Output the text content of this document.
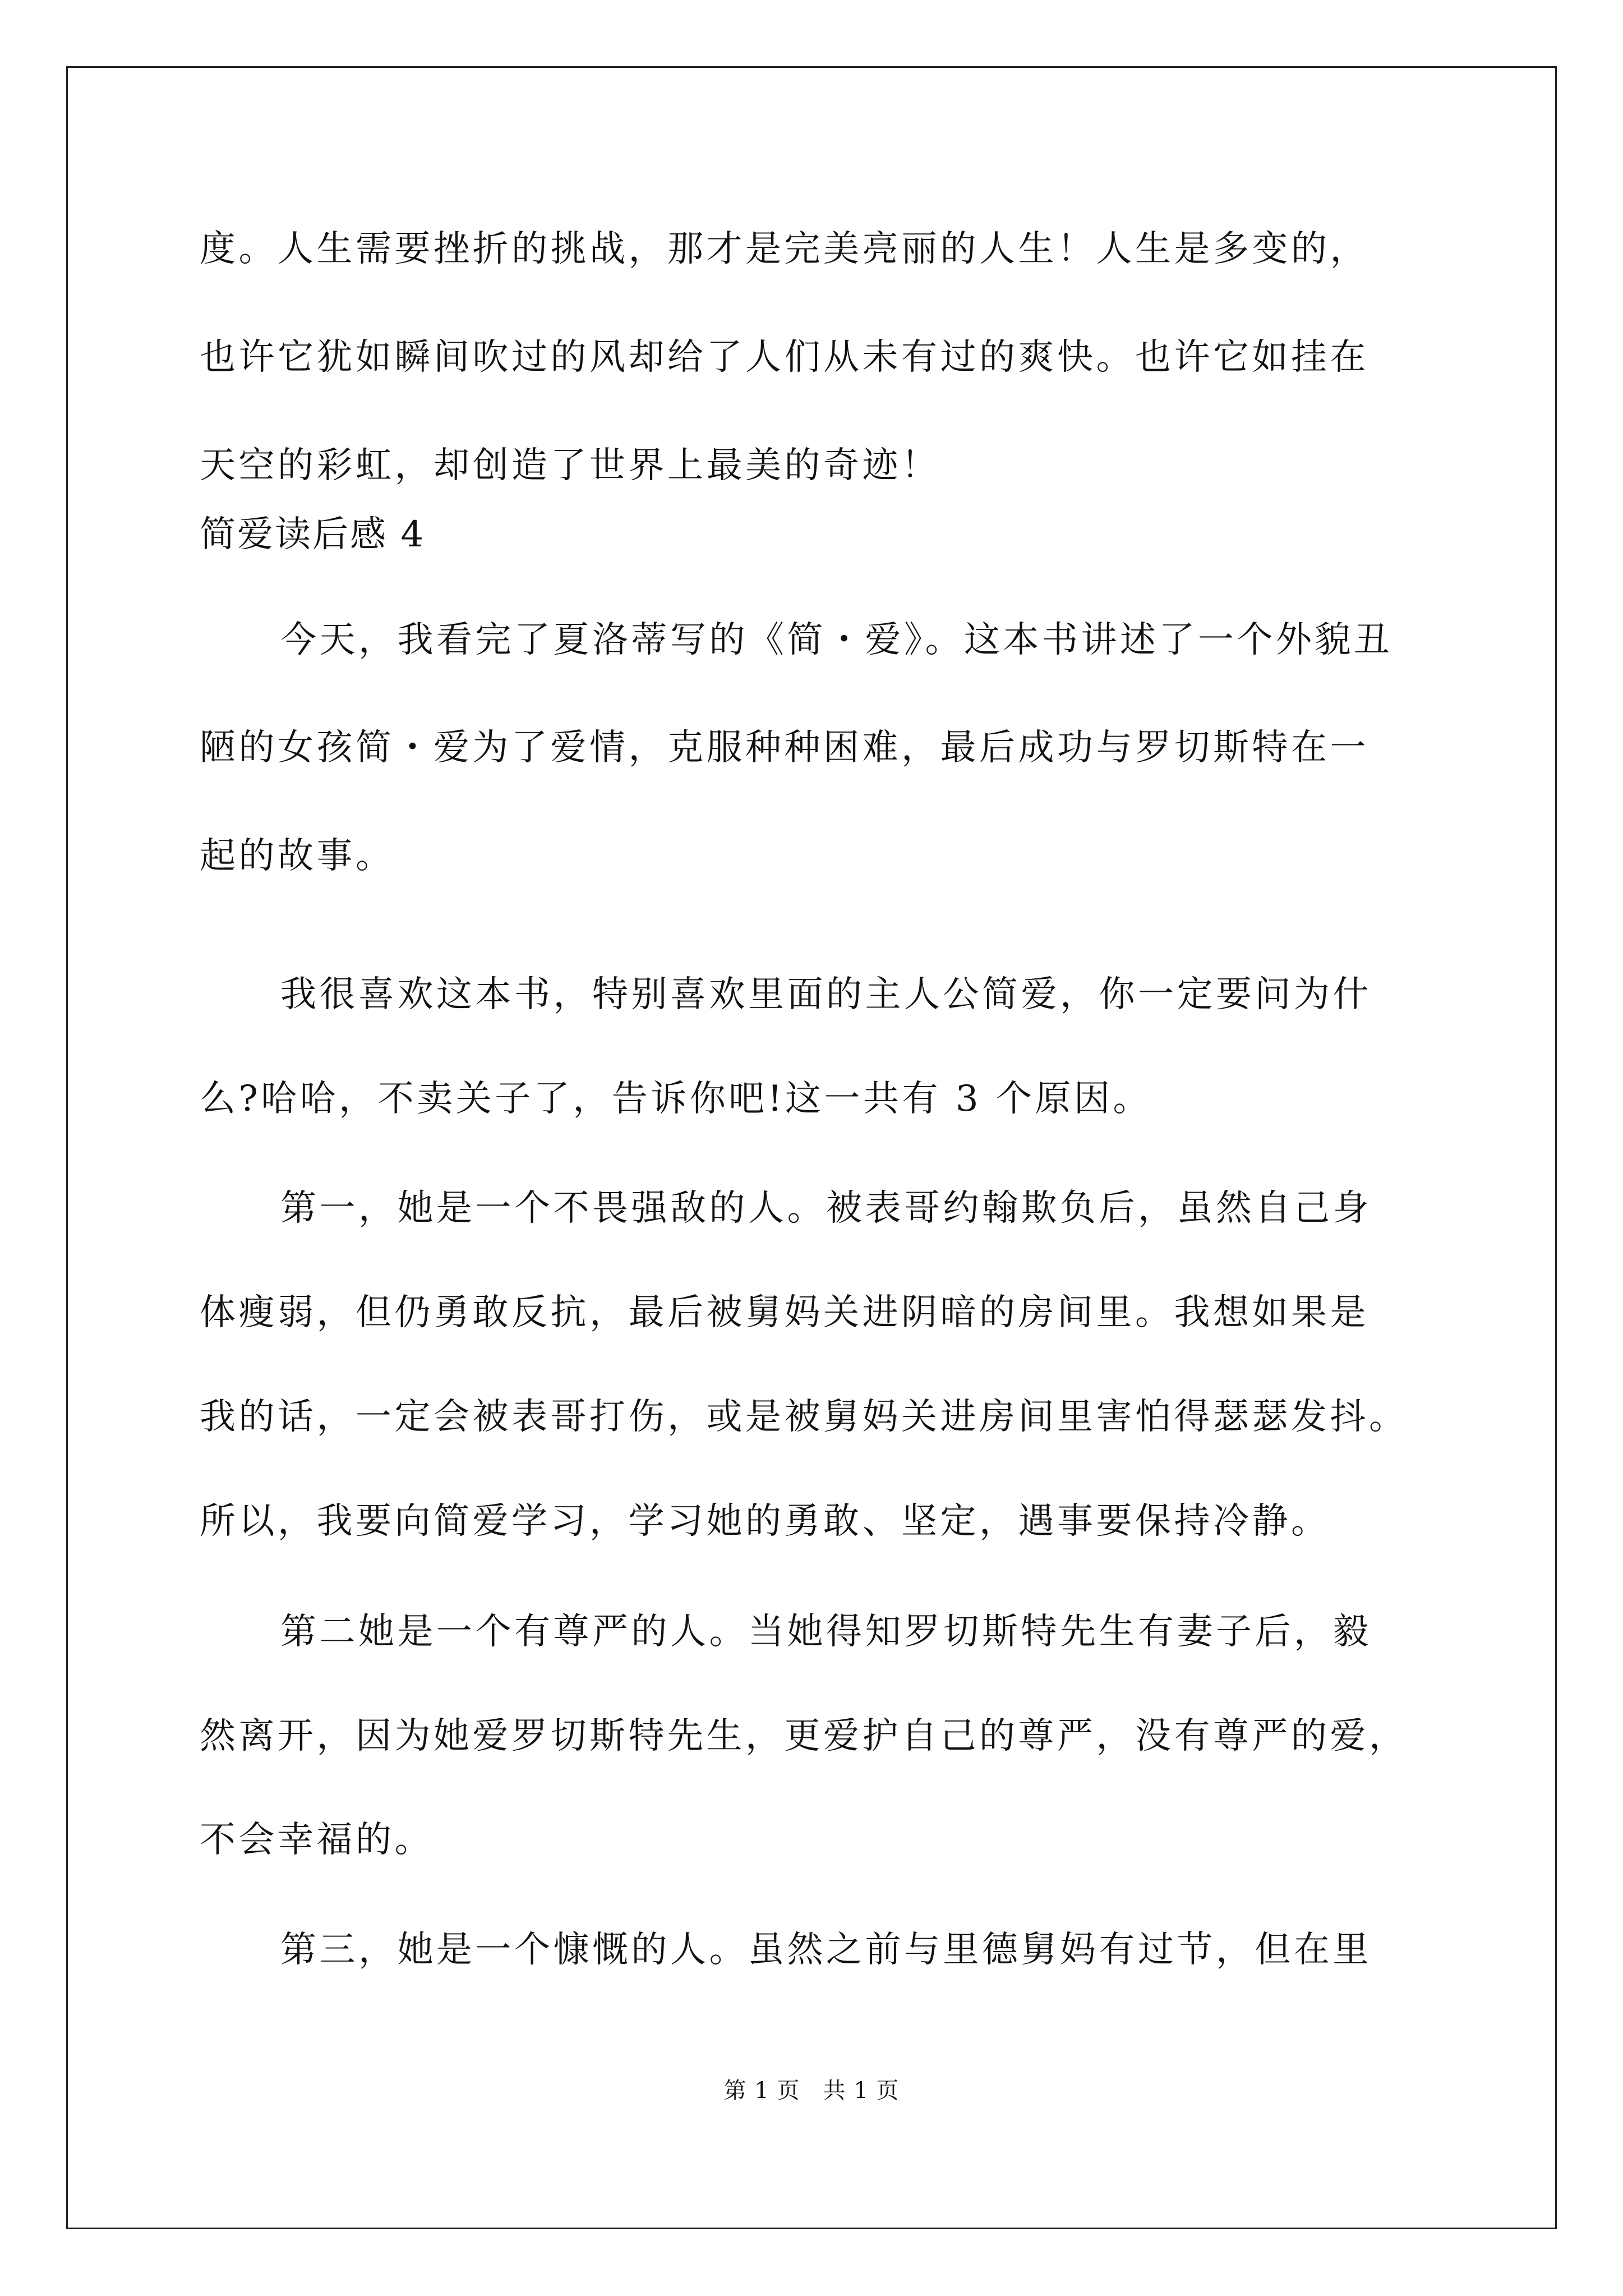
度。人生需要挫折的挑战，那才是完美亮丽的人生！人生是多变的，
也许它犹如瞬间吹过的风却给了人们从未有过的爽快。也许它如挂在
天空的彩虹，却创造了世界上最美的奇迹！
简爱读后感 4
今天，我看完了夏洛蒂写的《简・爱》。这本书讲述了一个外貌丑
陋的女孩简・爱为了爱情，克服种种困难，最后成功与罗切斯特在一
起的故事。
我很喜欢这本书，特别喜欢里面的主人公简爱，你一定要问为什
么?哈哈，不卖关子了，告诉你吧!这一共有 3 个原因。
第一，她是一个不畏强敌的人。被表哥约翰欺负后，虽然自己身
体瘦弱，但仍勇敢反抗，最后被舅妈关进阴暗的房间里。我想如果是
我的话，一定会被表哥打伤，或是被舅妈关进房间里害怕得瑟瑟发抖。
所以，我要向简爱学习，学习她的勇敢、坚定，遇事要保持冷静。
第二她是一个有尊严的人。当她得知罗切斯特先生有妻子后，毅
然离开，因为她爱罗切斯特先生，更爱护自己的尊严，没有尊严的爱，
不会幸福的。
第三，她是一个慷慨的人。虽然之前与里德舅妈有过节，但在里
第 1 页　共 1 页
